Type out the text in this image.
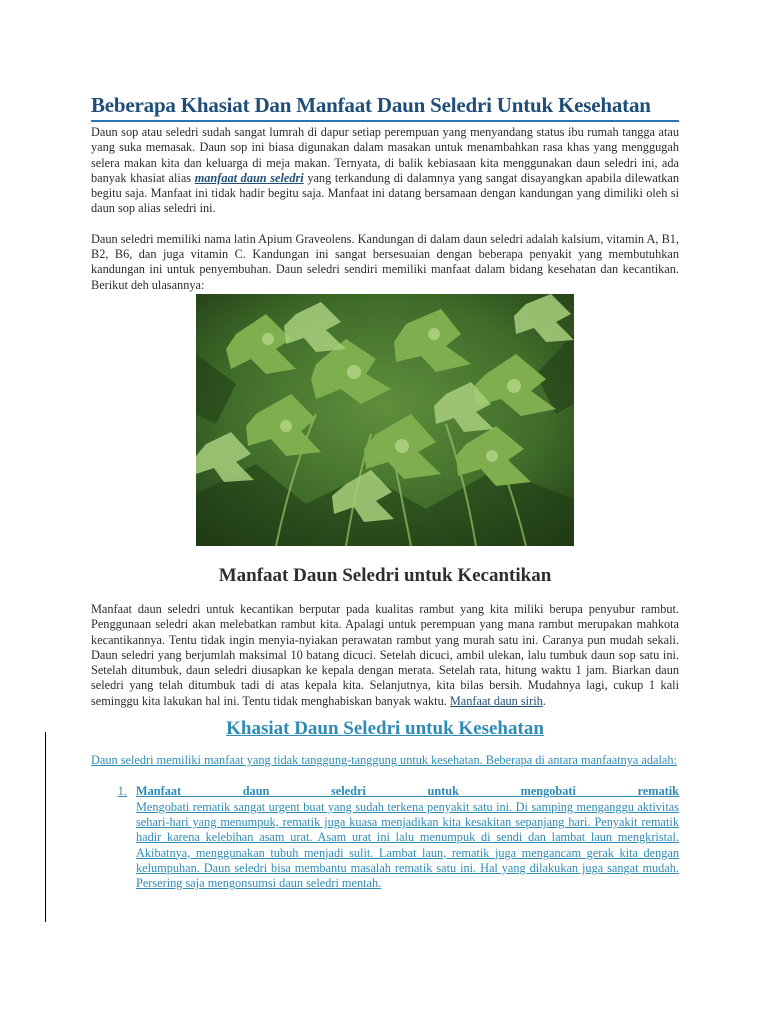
Beberapa Khasiat Dan Manfaat Daun Seledri Untuk Kesehatan

Daun sop atau seledri sudah sangat lumrah di dapur setiap perempuan yang menyandang status ibu rumah tangga atau yang suka memasak. Daun sop ini biasa digunakan dalam masakan untuk menambahkan rasa khas yang menggugah selera makan kita dan keluarga di meja makan. Ternyata, di balik kebiasaan kita menggunakan daun seledri ini, ada banyak khasiat alias manfaat daun seledri yang terkandung di dalamnya yang sangat disayangkan apabila dilewatkan begitu saja. Manfaat ini tidak hadir begitu saja. Manfaat ini datang bersamaan dengan kandungan yang dimiliki oleh si daun sop alias seledri ini.

Daun seledri memiliki nama latin Apium Graveolens. Kandungan di dalam daun seledri adalah kalsium, vitamin A, B1, B2, B6, dan juga vitamin C. Kandungan ini sangat bersesuaian dengan beberapa penyakit yang membutuhkan kandungan ini untuk penyembuhan. Daun seledri sendiri memiliki manfaat dalam bidang kesehatan dan kecantikan. Berikut deh ulasannya:

Manfaat Daun Seledri untuk Kecantikan

Manfaat daun seledri untuk kecantikan berputar pada kualitas rambut yang kita miliki berupa penyubur rambut. Penggunaan seledri akan melebatkan rambut kita. Apalagi untuk perempuan yang mana rambut merupakan mahkota kecantikannya. Tentu tidak ingin menyia-nyiakan perawatan rambut yang murah satu ini. Caranya pun mudah sekali. Daun seledri yang berjumlah maksimal 10 batang dicuci. Setelah dicuci, ambil ulekan, lalu tumbuk daun sop satu ini. Setelah ditumbuk, daun seledri diusapkan ke kepala dengan merata. Setelah rata, hitung waktu 1 jam. Biarkan daun seledri yang telah ditumbuk tadi di atas kepala kita. Selanjutnya, kita bilas bersih. Mudahnya lagi, cukup 1 kali seminggu kita lakukan hal ini. Tentu tidak menghabiskan banyak waktu. Manfaat daun sirih.

Khasiat Daun Seledri untuk Kesehatan

Daun seledri memiliki manfaat yang tidak tanggung-tanggung untuk kesehatan. Beberapa di antara manfaatnya adalah:

1. Manfaat daun seledri untuk mengobati rematik
Mengobati rematik sangat urgent buat yang sudah terkena penyakit satu ini. Di samping menganggu aktivitas sehari-hari yang menumpuk, rematik juga kuasa menjadikan kita kesakitan sepanjang hari. Penyakit rematik hadir karena kelebihan asam urat. Asam urat ini lalu menumpuk di sendi dan lambat laun mengkristal. Akibatnya, menggunakan tubuh menjadi sulit. Lambat laun, rematik juga mengancam gerak kita dengan kelumpuhan. Daun seledri bisa membantu masalah rematik satu ini. Hal yang dilakukan juga sangat mudah. Persering saja mengonsumsi daun seledri mentah.
